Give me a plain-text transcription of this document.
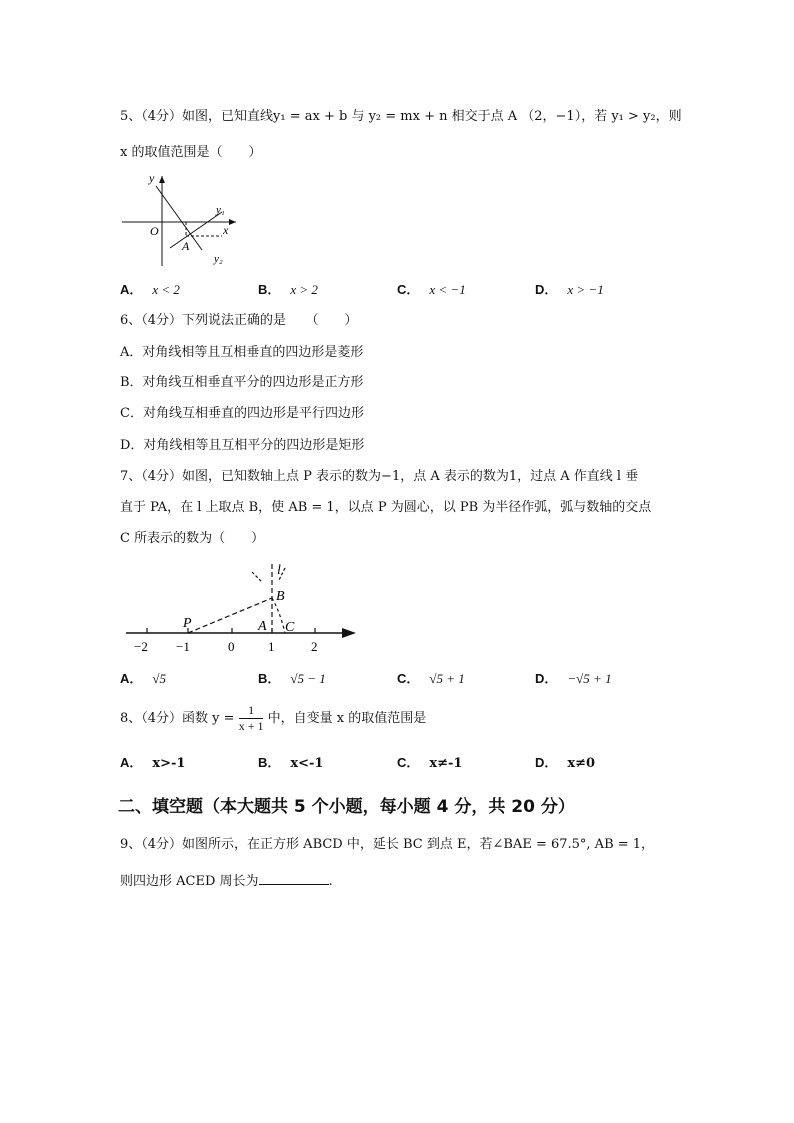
5、（4分）如图，已知直线y₁ = ax + b 与 y₂ = mx + n 相交于点 A （2，−1），若 y₁ > y₂，则
x 的取值范围是（　　）
y
x
O
A
y₁
y₂
A． x < 2	B． x > 2	C． x < −1	D． x > −1
6、（4分）下列说法正确的是　　（　　）
A．对角线相等且互相垂直的四边形是菱形
B．对角线互相垂直平分的四边形是正方形
C．对角线互相垂直的四边形是平行四边形
D．对角线相等且互相平分的四边形是矩形
7、（4分）如图，已知数轴上点 P 表示的数为−1，点 A 表示的数为1，过点 A 作直线 l 垂
直于 PA，在 l 上取点 B，使 AB = 1，以点 P 为圆心，以 PB 为半径作弧，弧与数轴的交点
C 所表示的数为（　　）
−2 −1	0	1	2
l
B
P	A C
A． √5	B． √5 − 1	C． √5 + 1	D． −√5 + 1
8、（4分）函数 $y = \frac{1}{x + 1}$ 中，自变量 x 的取值范围是
A． x>-1	B． x<-1	C． x≠-1	D． x≠0
二、填空题（本大题共 5 个小题，每小题 4 分，共 20 分）
9、（4分）如图所示，在正方形 ABCD 中，延长 BC 到点 E，若∠BAE = 67.5°, AB = 1，
则四边形 ACED 周长为	.
